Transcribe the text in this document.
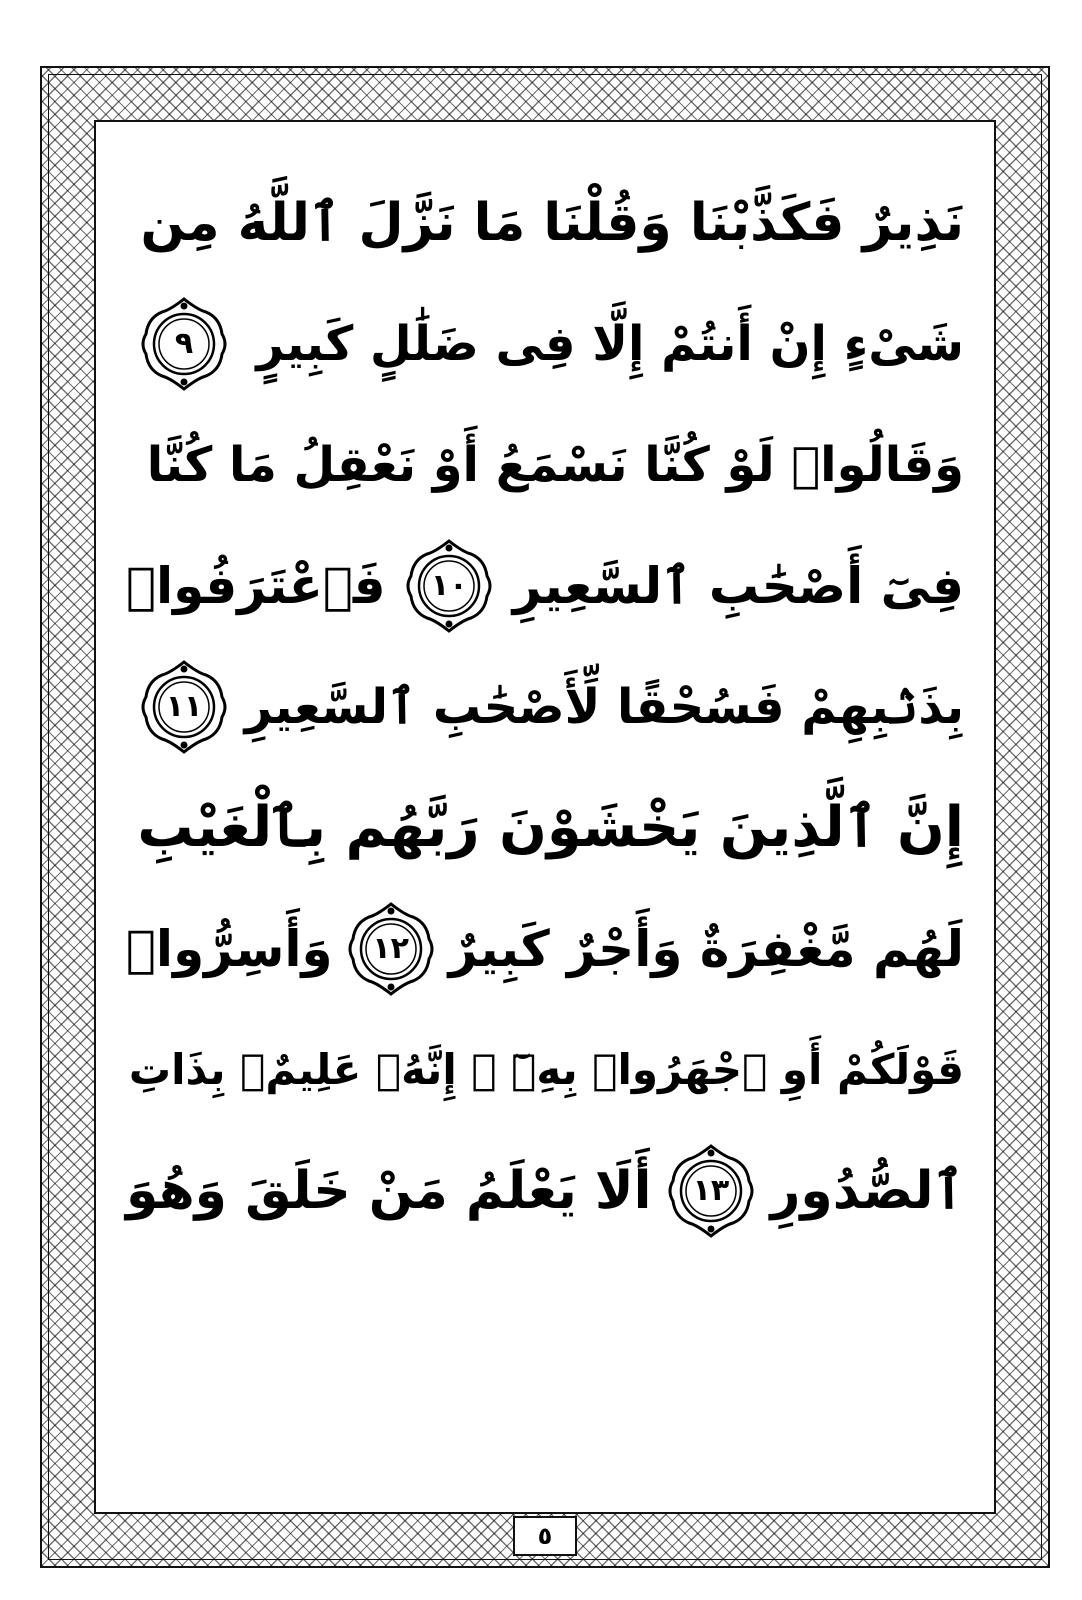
نَذِيرٌ فَكَذَّبْنَا وَقُلْنَا مَا نَزَّلَ ٱللَّهُ مِن
شَىْءٍ إِنْ أَنتُمْ إِلَّا فِى ضَلَٰلٍ كَبِيرٍ
٩
وَقَالُوا۟ لَوْ كُنَّا نَسْمَعُ أَوْ نَعْقِلُ مَا كُنَّا
فِىٓ أَصْحَٰبِ ٱلسَّعِيرِ
١٠
فَٱعْتَرَفُوا۟
بِذَنۢبِهِمْ فَسُحْقًا لِّأَصْحَٰبِ ٱلسَّعِيرِ
١١
إِنَّ ٱلَّذِينَ يَخْشَوْنَ رَبَّهُم بِٱلْغَيْبِ
لَهُم مَّغْفِرَةٌ وَأَجْرٌ كَبِيرٌ
١٢
وَأَسِرُّوا۟
قَوْلَكُمْ أَوِ ٱجْهَرُوا۟ بِهِۦٓ ۖ إِنَّهُۥ عَلِيمٌۢ بِذَاتِ
ٱلصُّدُورِ
١٣
أَلَا يَعْلَمُ مَنْ خَلَقَ وَهُوَ
٥
